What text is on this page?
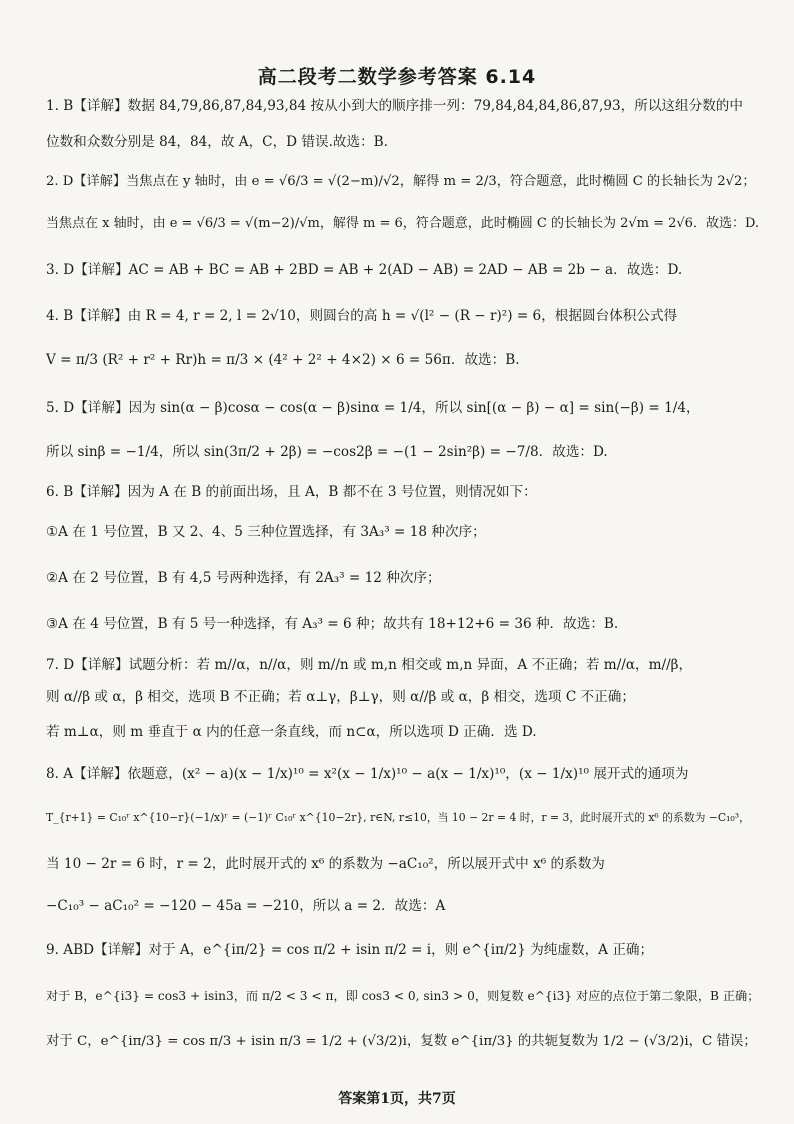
高二段考二数学参考答案 6.14
1. B【详解】数据 84,79,86,87,84,93,84 按从小到大的顺序排一列：79,84,84,84,86,87,93，所以这组分数的中
位数和众数分别是 84，84，故 A，C，D 错误.故选：B.
2. D【详解】当焦点在 y 轴时，由 e = √6/3 = √(2−m)/√2，解得 m = 2/3，符合题意，此时椭圆 C 的长轴长为 2√2；
当焦点在 x 轴时，由 e = √6/3 = √(m−2)/√m，解得 m = 6，符合题意，此时椭圆 C 的长轴长为 2√m = 2√6．故选：D.
3. D【详解】AC = AB + BC = AB + 2BD = AB + 2(AD − AB) = 2AD − AB = 2b − a．故选：D.
4. B【详解】由 R = 4, r = 2, l = 2√10，则圆台的高 h = √(l² − (R − r)²) = 6，根据圆台体积公式得
V = π/3 (R² + r² + Rr)h = π/3 × (4² + 2² + 4×2) × 6 = 56π．故选：B.
5. D【详解】因为 sin(α − β)cosα − cos(α − β)sinα = 1/4，所以 sin[(α − β) − α] = sin(−β) = 1/4，
所以 sinβ = −1/4，所以 sin(3π/2 + 2β) = −cos2β = −(1 − 2sin²β) = −7/8．故选：D.
6. B【详解】因为 A 在 B 的前面出场，且 A，B 都不在 3 号位置，则情况如下：
①A 在 1 号位置，B 又 2、4、5 三种位置选择，有 3A₃³ = 18 种次序；
②A 在 2 号位置，B 有 4,5 号两种选择，有 2A₃³ = 12 种次序；
③A 在 4 号位置，B 有 5 号一种选择，有 A₃³ = 6 种；故共有 18+12+6 = 36 种．故选：B.
7. D【详解】试题分析：若 m//α，n//α，则 m//n 或 m,n 相交或 m,n 异面，A 不正确；若 m//α，m//β，
则 α//β 或 α，β 相交，选项 B 不正确；若 α⊥γ，β⊥γ，则 α//β 或 α，β 相交，选项 C 不正确；
若 m⊥α，则 m 垂直于 α 内的任意一条直线，而 n⊂α，所以选项 D 正确．选 D.
8. A【详解】依题意，(x² − a)(x − 1/x)¹⁰ = x²(x − 1/x)¹⁰ − a(x − 1/x)¹⁰，(x − 1/x)¹⁰ 展开式的通项为
T_{r+1} = C₁₀ʳ x^{10−r}(−1/x)ʳ = (−1)ʳ C₁₀ʳ x^{10−2r}, r∈N, r≤10，当 10 − 2r = 4 时，r = 3，此时展开式的 x⁶ 的系数为 −C₁₀³，
当 10 − 2r = 6 时，r = 2，此时展开式的 x⁶ 的系数为 −aC₁₀²，所以展开式中 x⁶ 的系数为
−C₁₀³ − aC₁₀² = −120 − 45a = −210，所以 a = 2．故选：A
9. ABD【详解】对于 A，e^{iπ/2} = cos π/2 + isin π/2 = i，则 e^{iπ/2} 为纯虚数，A 正确；
对于 B，e^{i3} = cos3 + isin3，而 π/2 < 3 < π，即 cos3 < 0, sin3 > 0，则复数 e^{i3} 对应的点位于第二象限，B 正确；
对于 C，e^{iπ/3} = cos π/3 + isin π/3 = 1/2 + (√3/2)i，复数 e^{iπ/3} 的共轭复数为 1/2 − (√3/2)i，C 错误；
答案第1页，共7页
